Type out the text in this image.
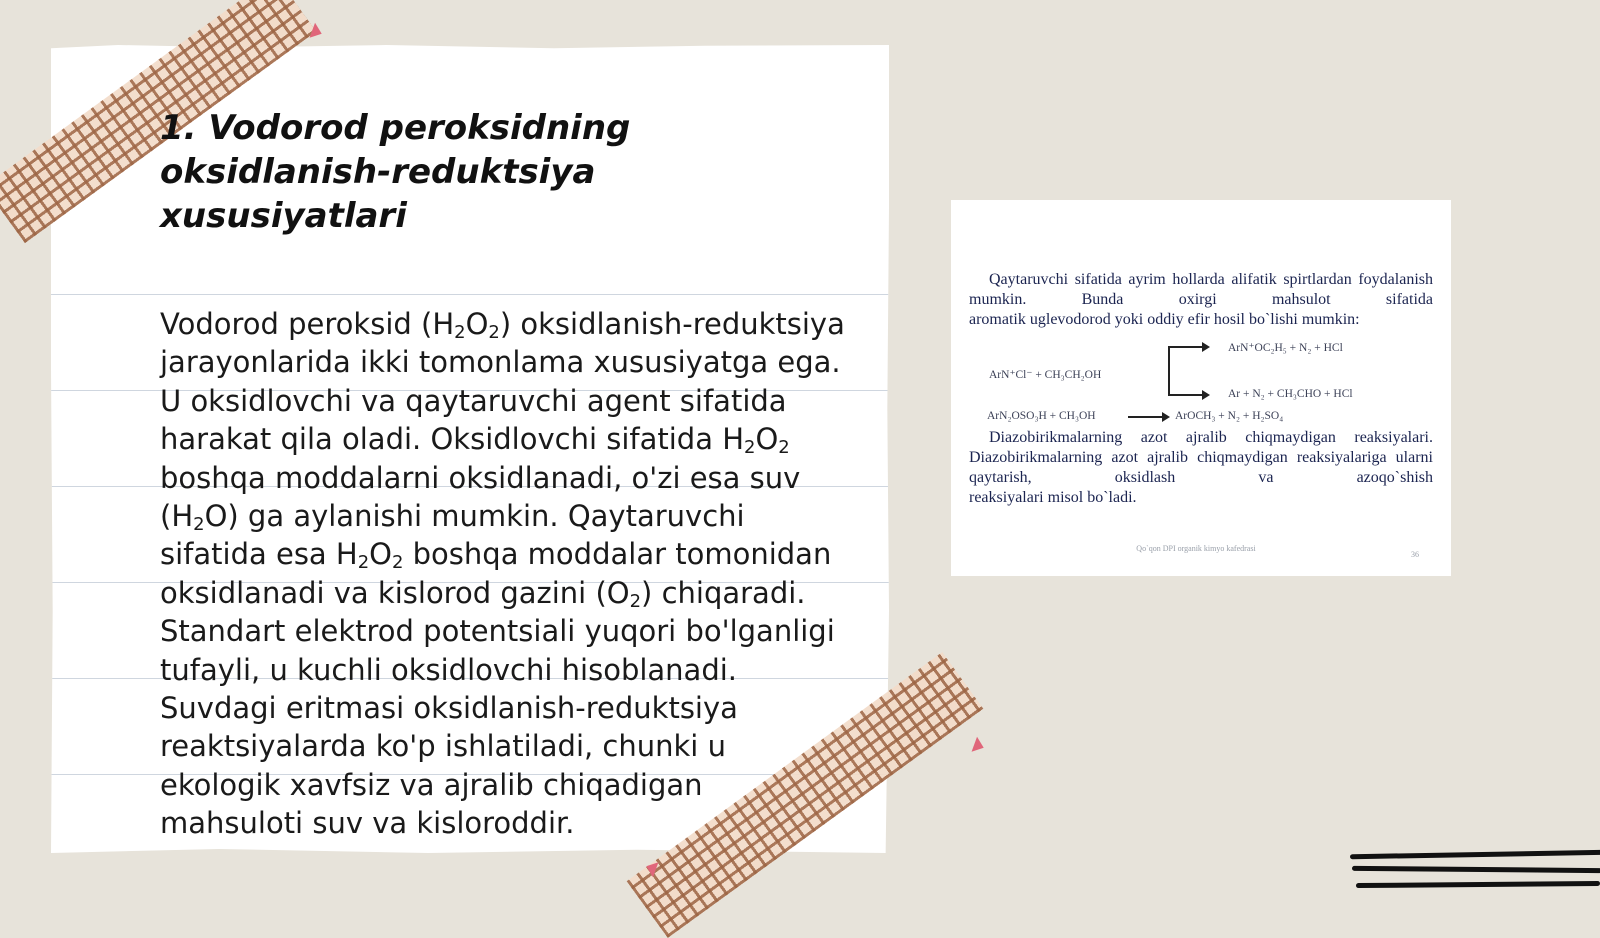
1. Vodorod peroksidning oksidlanish-reduktsiya xususiyatlari

Vodorod peroksid $(H_2O_2)$ oksidlanish-reduktsiya jarayonlarida ikki tomonlama xususiyatga ega. U oksidlovchi va qaytaruvchi agent sifatida harakat qila oladi. Oksidlovchi sifatida $H_2O_2$ boshqa moddalarni oksidlanadi, o'zi esa suv $(H_2O)$ ga aylanishi mumkin. Qaytaruvchi sifatida esa $H_2O_2$ boshqa moddalar tomonidan oksidlanadi va kislorod gazini $(O_2)$ chiqaradi. Standart elektrod potentsiali yuqori bo'lganligi tufayli, u kuchli oksidlovchi hisoblanadi. Suvdagi eritmasi oksidlanish-reduktsiya reaktsiyalarda ko'p ishlatiladi, chunki u ekologik xavfsiz va ajralib chiqadigan mahsuloti suv va kisloroddir.

Qaytaruvchi sifatida ayrim hollarda alifatik spirtlardan foydalanish mumkin. Bunda oxirgi mahsulot sifatida
aromatik uglevodorod yoki oddiy efir hosil bo`lishi mumkin:

ArN⁺Cl⁻ + CH₃CH₂OH
ArN⁺OC₂H₅ + N₂ + HCl
Ar + N₂ + CH₃CHO + HCl
ArN₂OSO₃H + CH₃OH → ArOCH₃ + N₂ + H₂SO₄

Diazobirikmalarning azot ajralib chiqmaydigan reaksiyalari. Diazobirikmalarning azot ajralib chiqmaydigan reaksiyalariga ularni qaytarish, oksidlash va azoqo`shish
reaksiyalari misol bo`ladi.

Qo`qon DPI organik kimyo kafedrasi
36
